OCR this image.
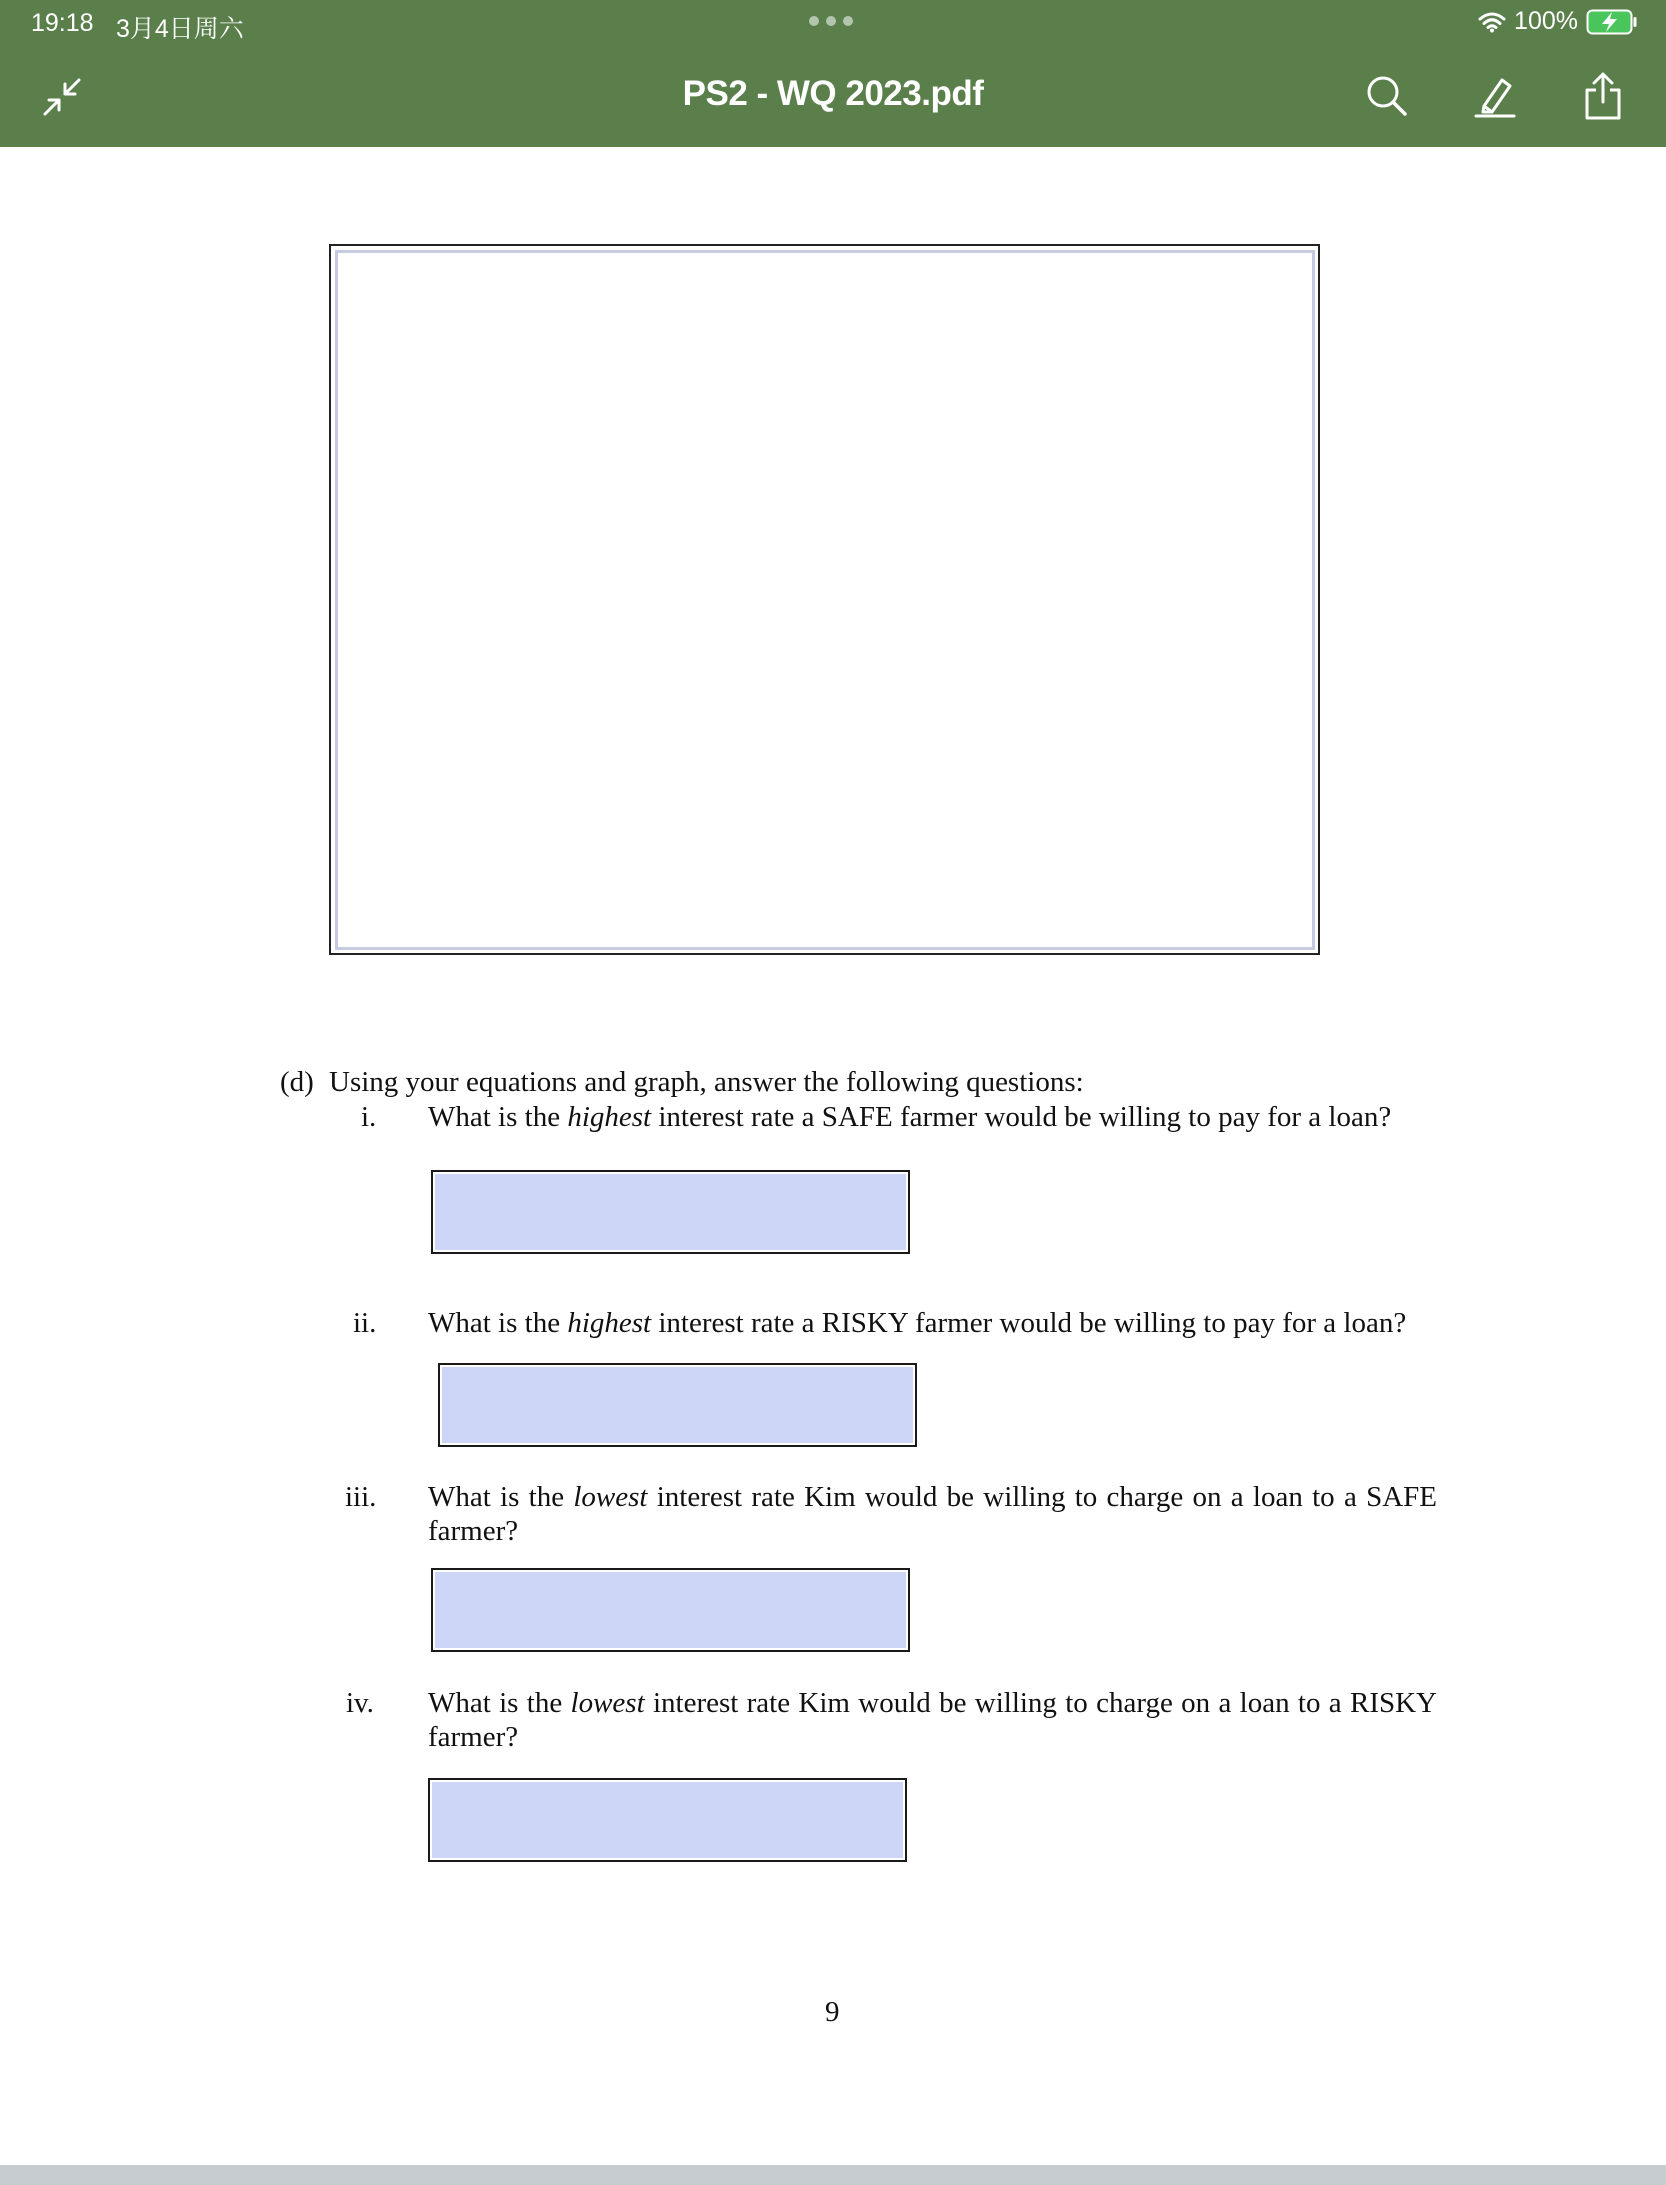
19:18 3月4日周六	100%
PS2 - WQ 2023.pdf
(d) Using your equations and graph, answer the following questions:
i. What is the highest interest rate a SAFE farmer would be willing to pay for a loan?
ii. What is the highest interest rate a RISKY farmer would be willing to pay for a loan?
iii. What is the lowest interest rate Kim would be willing to charge on a loan to a SAFE farmer?
iv. What is the lowest interest rate Kim would be willing to charge on a loan to a RISKY farmer?
9
